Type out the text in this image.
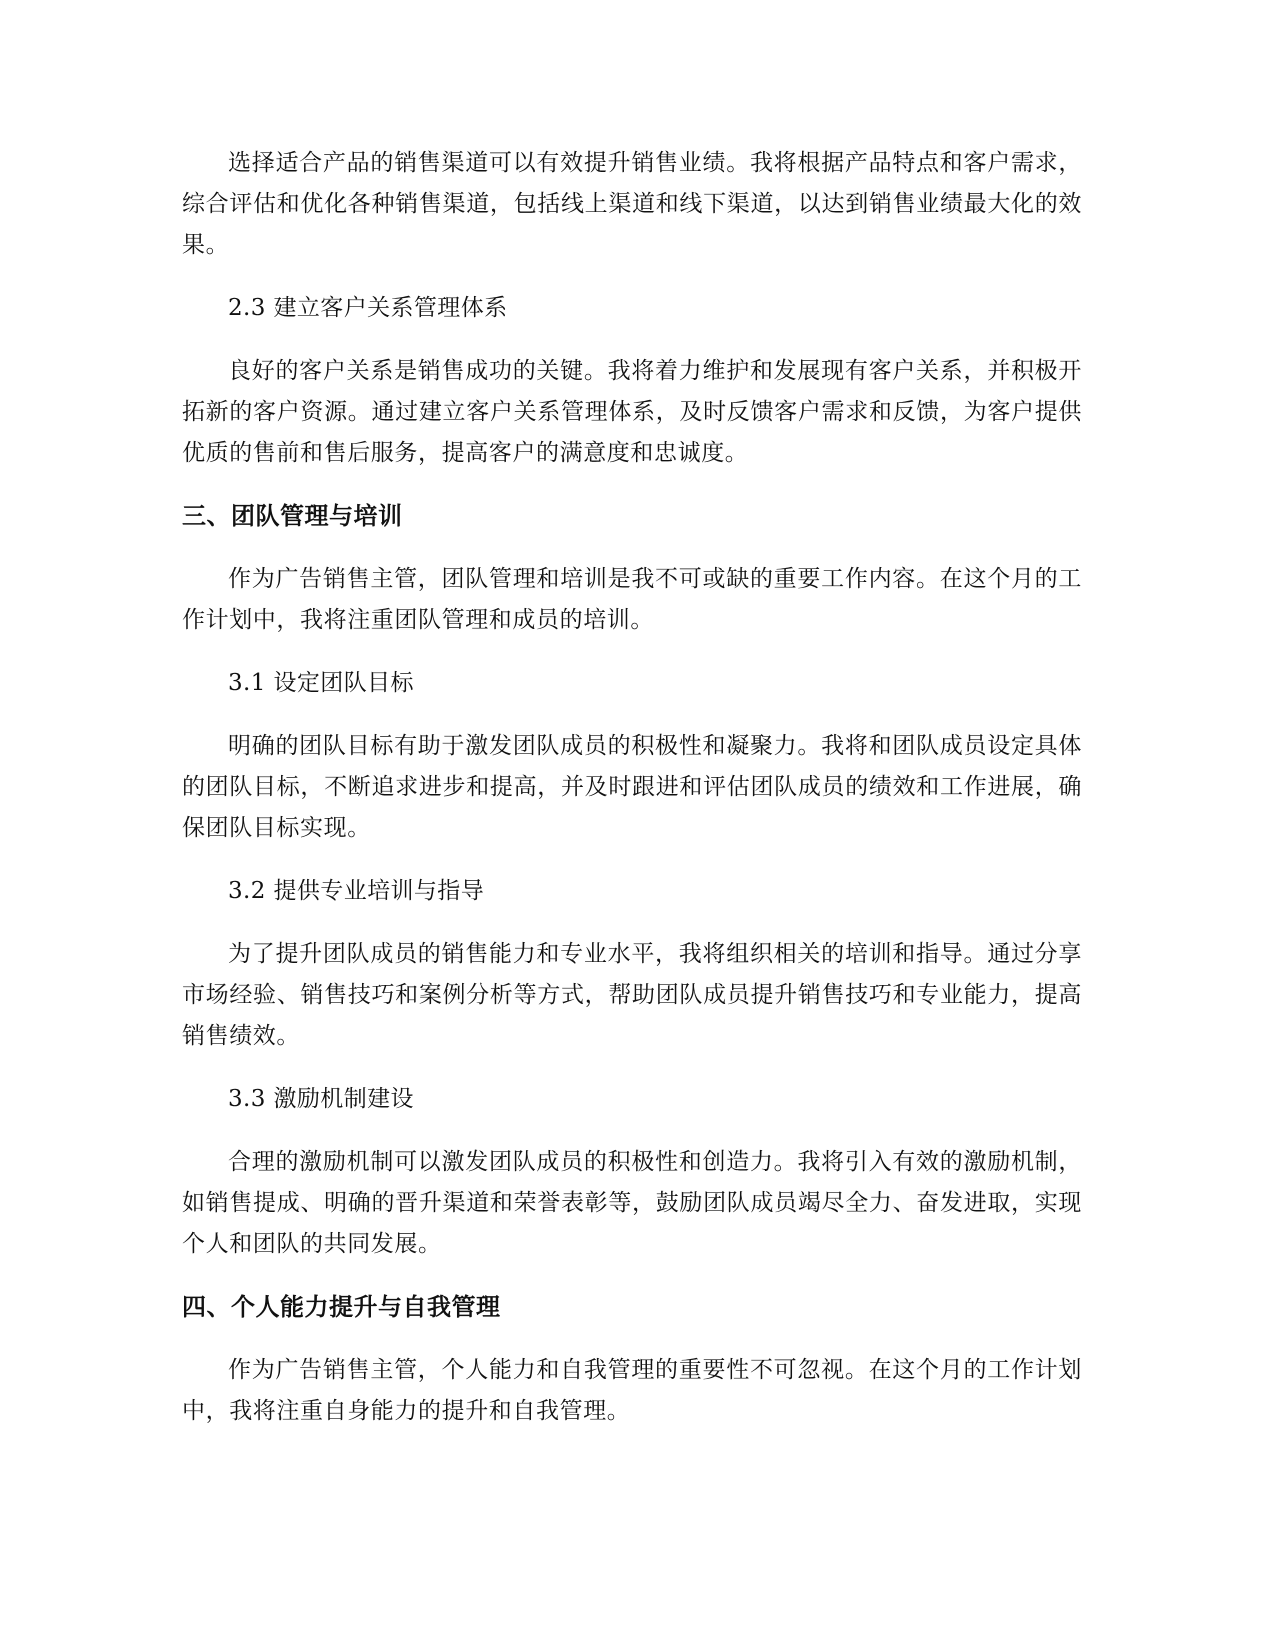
选择适合产品的销售渠道可以有效提升销售业绩。我将根据产品特点和客户需求，综合评估和优化各种销售渠道，包括线上渠道和线下渠道，以达到销售业绩最大化的效果。

2.3 建立客户关系管理体系

良好的客户关系是销售成功的关键。我将着力维护和发展现有客户关系，并积极开拓新的客户资源。通过建立客户关系管理体系，及时反馈客户需求和反馈，为客户提供优质的售前和售后服务，提高客户的满意度和忠诚度。

三、团队管理与培训

作为广告销售主管，团队管理和培训是我不可或缺的重要工作内容。在这个月的工作计划中，我将注重团队管理和成员的培训。

3.1 设定团队目标

明确的团队目标有助于激发团队成员的积极性和凝聚力。我将和团队成员设定具体的团队目标，不断追求进步和提高，并及时跟进和评估团队成员的绩效和工作进展，确保团队目标实现。

3.2 提供专业培训与指导

为了提升团队成员的销售能力和专业水平，我将组织相关的培训和指导。通过分享市场经验、销售技巧和案例分析等方式，帮助团队成员提升销售技巧和专业能力，提高销售绩效。

3.3 激励机制建设

合理的激励机制可以激发团队成员的积极性和创造力。我将引入有效的激励机制，如销售提成、明确的晋升渠道和荣誉表彰等，鼓励团队成员竭尽全力、奋发进取，实现个人和团队的共同发展。

四、个人能力提升与自我管理

作为广告销售主管，个人能力和自我管理的重要性不可忽视。在这个月的工作计划中，我将注重自身能力的提升和自我管理。
